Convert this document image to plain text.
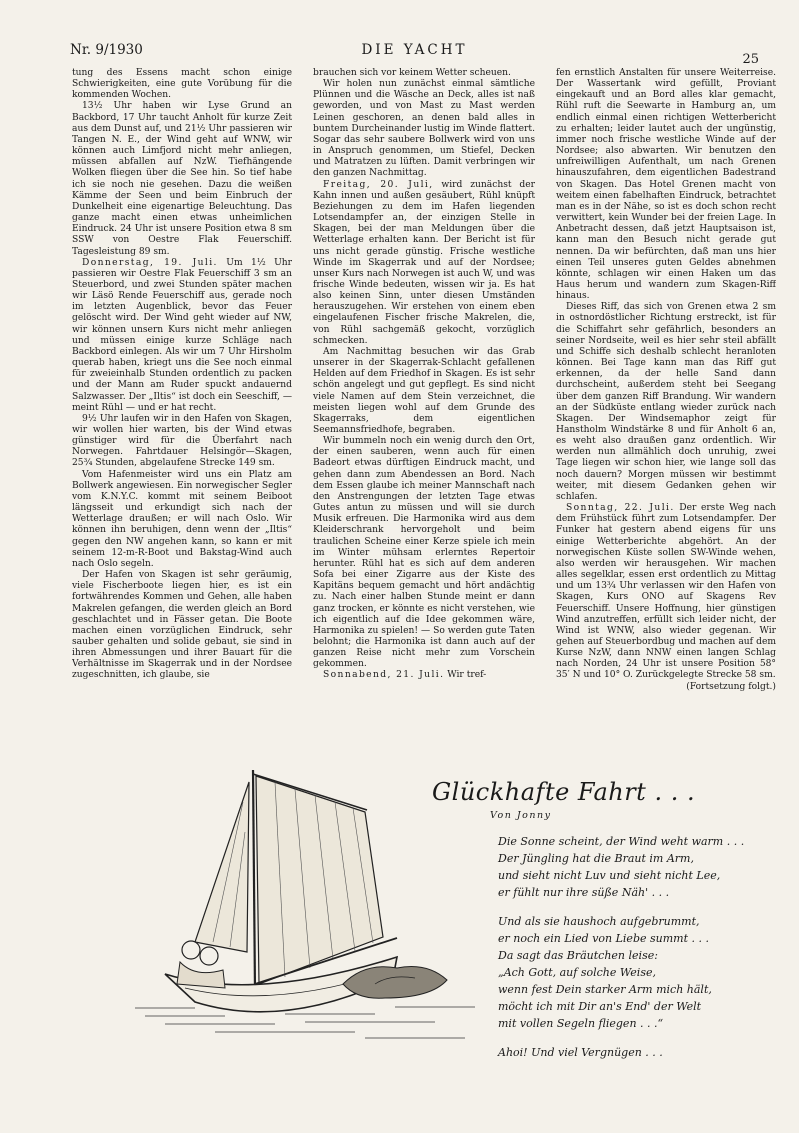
Nr. 9/1930	DIE YACHT
25

tung des Essens macht schon einige Schwierigkeiten, eine gute Vorübung für die kommenden Wochen.

13½ Uhr haben wir Lyse Grund an Backbord, 17 Uhr taucht Anholt für kurze Zeit aus dem Dunst auf, und 21½ Uhr passieren wir Tangen N. E., der Wind geht auf WNW, wir können auch Limfjord nicht mehr anliegen, müssen abfallen auf NzW. Tiefhängende Wolken fliegen über die See hin. So tief habe ich sie noch nie gesehen. Dazu die weißen Kämme der Seen und beim Einbruch der Dunkelheit eine eigenartige Beleuchtung. Das ganze macht einen etwas unheimlichen Eindruck. 24 Uhr ist unsere Position etwa 8 sm SSW von Oestre Flak Feuerschiff. Tagesleistung 89 sm.

Donnerstag, 19. Juli. Um 1½ Uhr passieren wir Oestre Flak Feuerschiff 3 sm an Steuerbord, und zwei Stunden später machen wir Läsö Rende Feuerschiff aus, gerade noch im letzten Augenblick, bevor das Feuer gelöscht wird. Der Wind geht wieder auf NW, wir können unsern Kurs nicht mehr anliegen und müssen einige kurze Schläge nach Backbord einlegen. Als wir um 7 Uhr Hirsholm querab haben, kriegt uns die See noch einmal für zweieinhalb Stunden ordentlich zu packen und der Mann am Ruder spuckt andauernd Salzwasser. Der „Iltis“ ist doch ein Seeschiff, — meint Rühl — und er hat recht.

9½ Uhr laufen wir in den Hafen von Skagen, wir wollen hier warten, bis der Wind etwas günstiger wird für die Überfahrt nach Norwegen. Fahrtdauer Helsingör—Skagen, 25¾ Stunden, abgelaufene Strecke 149 sm.

Vom Hafenmeister wird uns ein Platz am Bollwerk angewiesen. Ein norwegischer Segler vom K.N.Y.C. kommt mit seinem Beiboot längsseit und erkundigt sich nach der Wetterlage draußen; er will nach Oslo. Wir können ihn beruhigen, denn wenn der „Iltis“ gegen den NW angehen kann, so kann er mit seinem 12-m-R-Boot und Bakstag-Wind auch nach Oslo segeln.

Der Hafen von Skagen ist sehr geräumig, viele Fischerboote liegen hier, es ist ein fortwährendes Kommen und Gehen, alle haben Makrelen gefangen, die werden gleich an Bord geschlachtet und in Fässer getan. Die Boote machen einen vorzüglichen Eindruck, sehr sauber gehalten und solide gebaut, sie sind in ihren Abmessungen und ihrer Bauart für die Verhältnisse im Skagerrak und in der Nordsee zugeschnitten, ich glaube, sie

brauchen sich vor keinem Wetter scheuen.

Wir holen nun zunächst einmal sämtliche Plünnen und die Wäsche an Deck, alles ist naß geworden, und von Mast zu Mast werden Leinen geschoren, an denen bald alles in buntem Durcheinander lustig im Winde flattert. Sogar das sehr saubere Bollwerk wird von uns in Anspruch genommen, um Stiefel, Decken und Matratzen zu lüften. Damit verbringen wir den ganzen Nachmittag.

Freitag, 20. Juli, wird zunächst der Kahn innen und außen gesäubert, Rühl knüpft Beziehungen zu dem im Hafen liegenden Lotsendampfer an, der einzigen Stelle in Skagen, bei der man Meldungen über die Wetterlage erhalten kann. Der Bericht ist für uns nicht gerade günstig. Frische westliche Winde im Skagerrak und auf der Nordsee; unser Kurs nach Norwegen ist auch W, und was frische Winde bedeuten, wissen wir ja. Es hat also keinen Sinn, unter diesen Umständen herauszugehen. Wir erstehen von einem eben eingelaufenen Fischer frische Makrelen, die, von Rühl sachgemäß gekocht, vorzüglich schmecken.

Am Nachmittag besuchen wir das Grab unserer in der Skagerrak-Schlacht gefallenen Helden auf dem Friedhof in Skagen. Es ist sehr schön angelegt und gut gepflegt. Es sind nicht viele Namen auf dem Stein verzeichnet, die meisten liegen wohl auf dem Grunde des Skagerraks, dem eigentlichen Seemannsfriedhofe, begraben.

Wir bummeln noch ein wenig durch den Ort, der einen sauberen, wenn auch für einen Badeort etwas dürftigen Eindruck macht, und gehen dann zum Abendessen an Bord. Nach dem Essen glaube ich meiner Mannschaft nach den Anstrengungen der letzten Tage etwas Gutes antun zu müssen und will sie durch Musik erfreuen. Die Harmonika wird aus dem Kleiderschrank hervorgeholt und beim traulichen Scheine einer Kerze spiele ich mein im Winter mühsam erlerntes Repertoir herunter. Rühl hat es sich auf dem anderen Sofa bei einer Zigarre aus der Kiste des Kapitäns bequem gemacht und hört andächtig zu. Nach einer halben Stunde meint er dann ganz trocken, er könnte es nicht verstehen, wie ich eigentlich auf die Idee gekommen wäre, Harmonika zu spielen! — So werden gute Taten belohnt; die Harmonika ist dann auch auf der ganzen Reise nicht mehr zum Vorschein gekommen.

Sonnabend, 21. Juli. Wir tref-

fen ernstlich Anstalten für unsere Weiterreise. Der Wassertank wird gefüllt, Proviant eingekauft und an Bord alles klar gemacht, Rühl ruft die Seewarte in Hamburg an, um endlich einmal einen richtigen Wetterbericht zu erhalten; leider lautet auch der ungünstig, immer noch frische westliche Winde auf der Nordsee; also abwarten. Wir benutzen den unfreiwilligen Aufenthalt, um nach Grenen hinauszufahren, dem eigentlichen Badestrand von Skagen. Das Hotel Grenen macht von weitem einen fabelhaften Eindruck, betrachtet man es in der Nähe, so ist es doch schon recht verwittert, kein Wunder bei der freien Lage. In Anbetracht dessen, daß jetzt Hauptsaison ist, kann man den Besuch nicht gerade gut nennen. Da wir befürchten, daß man uns hier einen Teil unseres guten Geldes abnehmen könnte, schlagen wir einen Haken um das Haus herum und wandern zum Skagen-Riff hinaus.

Dieses Riff, das sich von Grenen etwa 2 sm in ostnordöstlicher Richtung erstreckt, ist für die Schiffahrt sehr gefährlich, besonders an seiner Nordseite, weil es hier sehr steil abfällt und Schiffe sich deshalb schlecht heranloten können. Bei Tage kann man das Riff gut erkennen, da der helle Sand dann durchscheint, außerdem steht bei Seegang über dem ganzen Riff Brandung. Wir wandern an der Südküste entlang wieder zurück nach Skagen. Der Windsemaphor zeigt für Hanstholm Windstärke 8 und für Anholt 6 an, es weht also draußen ganz ordentlich. Wir werden nun allmählich doch unruhig, zwei Tage liegen wir schon hier, wie lange soll das noch dauern? Morgen müssen wir bestimmt weiter, mit diesem Gedanken gehen wir schlafen.

Sonntag, 22. Juli. Der erste Weg nach dem Frühstück führt zum Lotsendampfer. Der Funker hat gestern abend eigens für uns einige Wetterberichte abgehört. An der norwegischen Küste sollen SW-Winde wehen, also werden wir herausgehen. Wir machen alles segelklar, essen erst ordentlich zu Mittag und um 13¾ Uhr verlassen wir den Hafen von Skagen, Kurs ONO auf Skagens Rev Feuerschiff. Unsere Hoffnung, hier günstigen Wind anzutreffen, erfüllt sich leider nicht, der Wind ist WNW, also wieder gegenan. Wir gehen auf Steuerbordbug und machen auf dem Kurse NzW, dann NNW einen langen Schlag nach Norden, 24 Uhr ist unsere Position 58° 35′ N und 10° O. Zurückgelegte Strecke 58 sm.

(Fortsetzung folgt.)
Glückhafte Fahrt . . .
Von Jonny
Die Sonne scheint, der Wind weht warm . . .
Der Jüngling hat die Braut im Arm,
und sieht nicht Luv und sieht nicht Lee,
er fühlt nur ihre süße Näh' . . .
Und als sie haushoch aufgebrummt,
er noch ein Lied von Liebe summt . . .
Da sagt das Bräutchen leise:
„Ach Gott, auf solche Weise,
wenn fest Dein starker Arm mich hält,
möcht ich mit Dir an's End' der Welt
mit vollen Segeln fliegen . . .“
Ahoi! Und viel Vergnügen . . .
